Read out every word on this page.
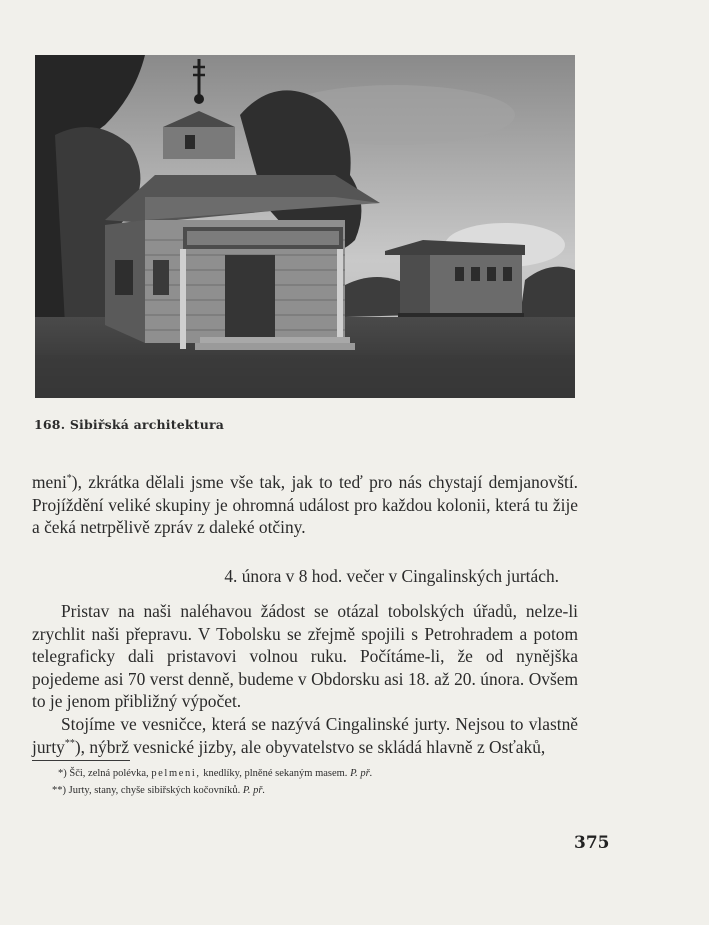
168. Sibiřská architektura
meni*), zkrátka dělali jsme vše tak, jak to teď pro nás chystají demjanovští. Projíždění veliké skupiny je ohromná událost pro každou kolonii, která tu žije a čeká netrpělivě zpráv z daleké otčiny.
4. února v 8 hod. večer v Cingalinských jurtách.
Pristav na naši naléhavou žádost se otázal tobolských úřadů, nelze-li zrychlit naši přepravu. V Tobolsku se zřejmě spojili s Petrohradem a potom telegraficky dali pristavovi volnou ruku. Počítáme-li, že od nynějška pojedeme asi 70 verst denně, budeme v Obdorsku asi 18. až 20. února. Ovšem to je jenom přibližný výpočet.
Stojíme ve vesničce, která se nazývá Cingalinské jurty. Nejsou to vlastně jurty**), nýbrž vesnické jizby, ale obyvatelstvo se skládá hlavně z Osťaků,
*) Šči, zelná polévka, pelmeni, knedlíky, plněné sekaným masem. P. př.
**) Jurty, stany, chyše sibiřských kočovníků. P. př.
375
